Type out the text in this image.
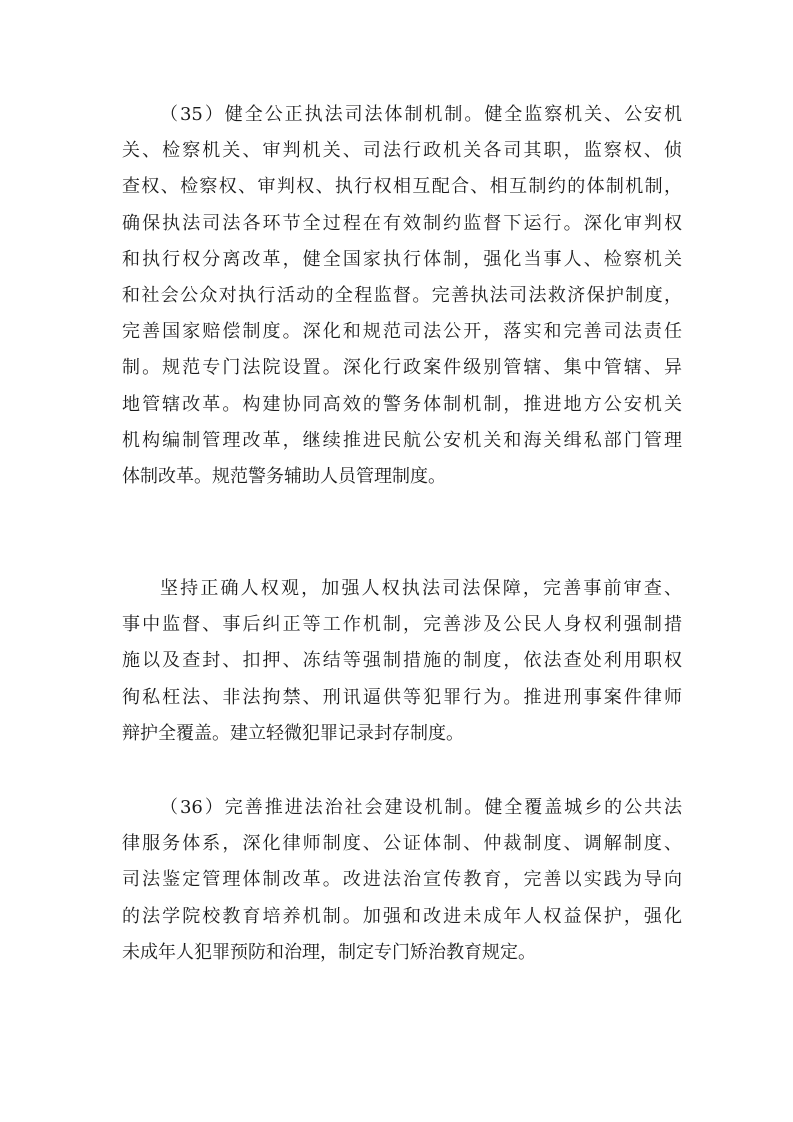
（35）健全公正执法司法体制机制。健全监察机关、公安机
关、检察机关、审判机关、司法行政机关各司其职，监察权、侦
查权、检察权、审判权、执行权相互配合、相互制约的体制机制，
确保执法司法各环节全过程在有效制约监督下运行。深化审判权
和执行权分离改革，健全国家执行体制，强化当事人、检察机关
和社会公众对执行活动的全程监督。完善执法司法救济保护制度，
完善国家赔偿制度。深化和规范司法公开，落实和完善司法责任
制。规范专门法院设置。深化行政案件级别管辖、集中管辖、异
地管辖改革。构建协同高效的警务体制机制，推进地方公安机关
机构编制管理改革，继续推进民航公安机关和海关缉私部门管理
体制改革。规范警务辅助人员管理制度。
坚持正确人权观，加强人权执法司法保障，完善事前审查、
事中监督、事后纠正等工作机制，完善涉及公民人身权利强制措
施以及查封、扣押、冻结等强制措施的制度，依法查处利用职权
徇私枉法、非法拘禁、刑讯逼供等犯罪行为。推进刑事案件律师
辩护全覆盖。建立轻微犯罪记录封存制度。
（36）完善推进法治社会建设机制。健全覆盖城乡的公共法
律服务体系，深化律师制度、公证体制、仲裁制度、调解制度、
司法鉴定管理体制改革。改进法治宣传教育，完善以实践为导向
的法学院校教育培养机制。加强和改进未成年人权益保护，强化
未成年人犯罪预防和治理，制定专门矫治教育规定。
